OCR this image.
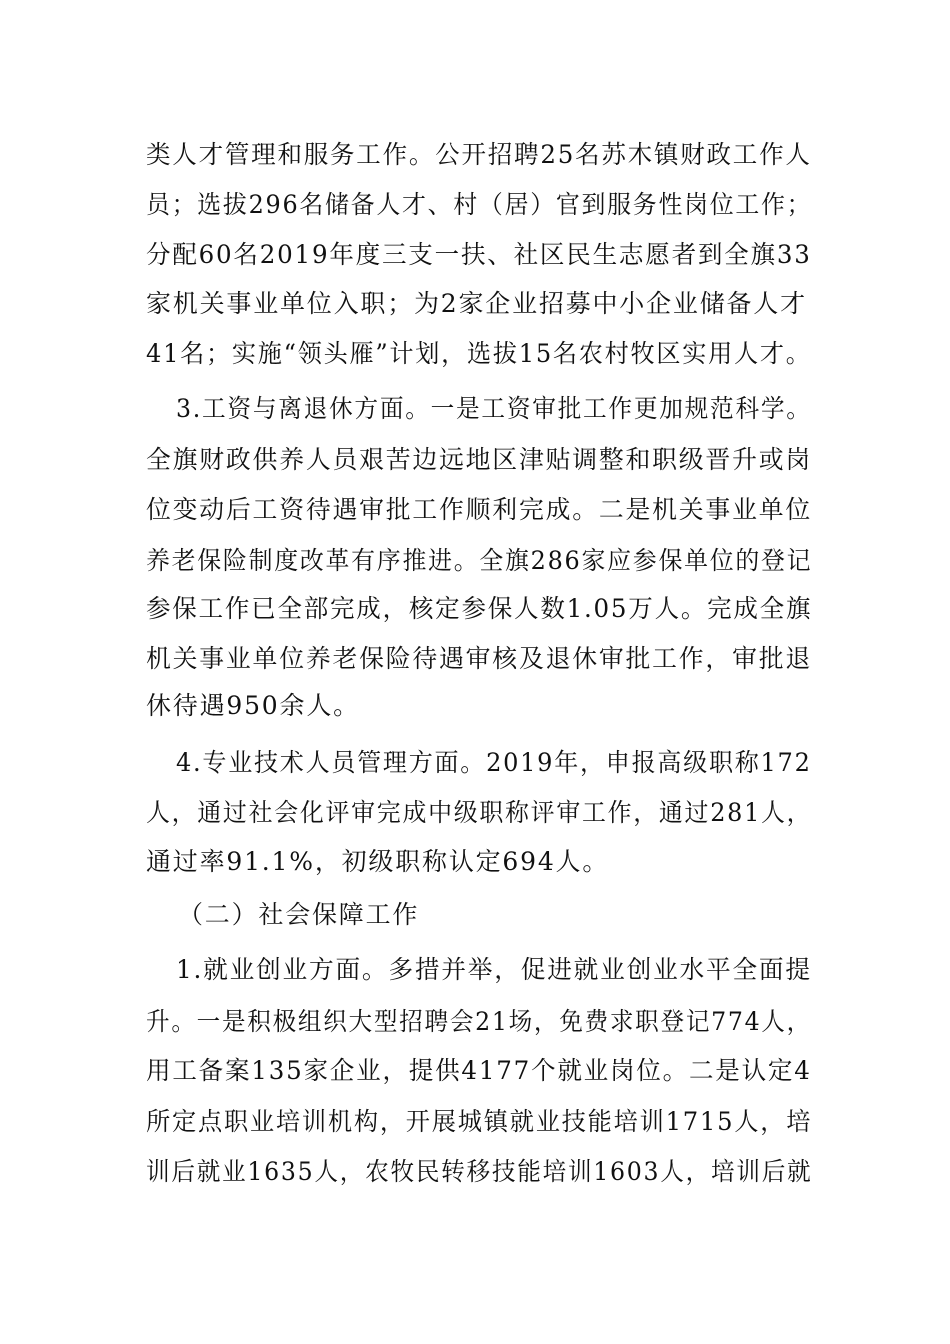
类人才管理和服务工作。公开招聘25名苏木镇财政工作人
员；选拔296名储备人才、村（居）官到服务性岗位工作；
分配60名2019年度三支一扶、社区民生志愿者到全旗33
家机关事业单位入职；为2家企业招募中小企业储备人才
41名；实施“领头雁”计划，选拔15名农村牧区实用人才。
3.工资与离退休方面。一是工资审批工作更加规范科学。
全旗财政供养人员艰苦边远地区津贴调整和职级晋升或岗
位变动后工资待遇审批工作顺利完成。二是机关事业单位
养老保险制度改革有序推进。全旗286家应参保单位的登记
参保工作已全部完成，核定参保人数1.05万人。完成全旗
机关事业单位养老保险待遇审核及退休审批工作，审批退
休待遇950余人。
4.专业技术人员管理方面。2019年，申报高级职称172
人，通过社会化评审完成中级职称评审工作，通过281人，
通过率91.1%，初级职称认定694人。
（二）社会保障工作
1.就业创业方面。多措并举，促进就业创业水平全面提
升。一是积极组织大型招聘会21场，免费求职登记774人，
用工备案135家企业，提供4177个就业岗位。二是认定4
所定点职业培训机构，开展城镇就业技能培训1715人，培
训后就业1635人，农牧民转移技能培训1603人，培训后就
